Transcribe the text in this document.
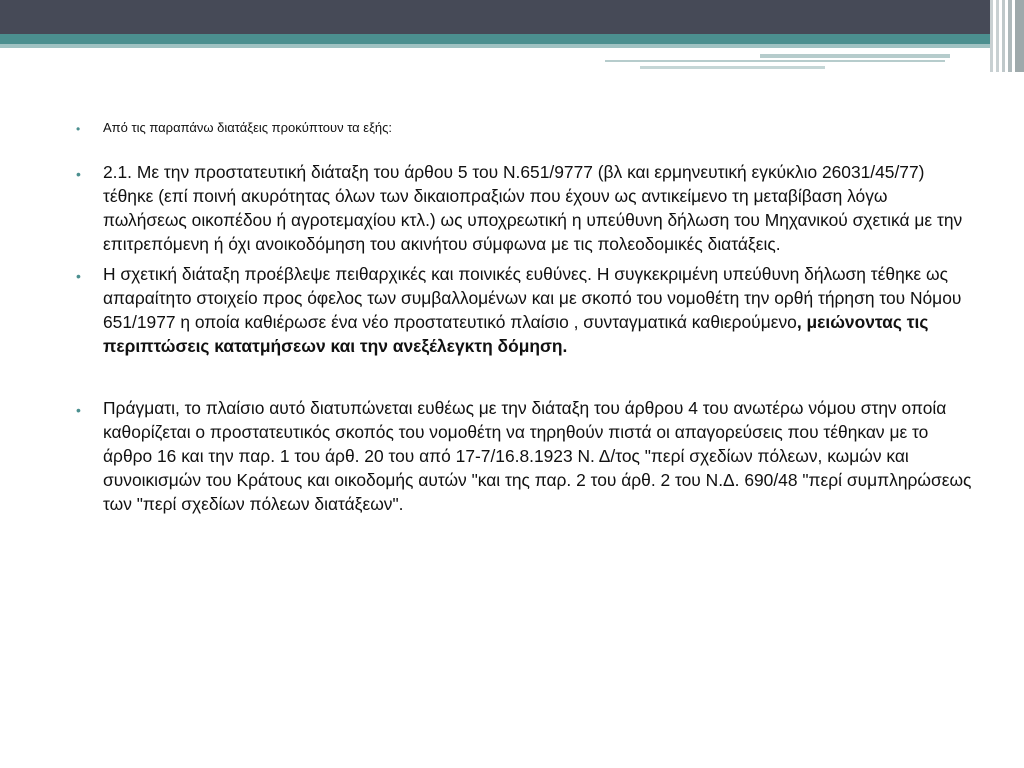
• Από τις παραπάνω διατάξεις προκύπτουν τα εξής:
• 2.1. Με την προστατευτική διάταξη του άρθου 5 του Ν.651/9777 (βλ και ερμηνευτική εγκύκλιο 26031/45/77) τέθηκε (επί ποινή ακυρότητας όλων των δικαιοπραξιών που έχουν ως αντικείμενο τη μεταβίβαση λόγω πωλήσεως οικοπέδου ή αγροτεμαχίου κτλ.) ως υποχρεωτική η υπεύθυνη δήλωση του Μηχανικού σχετικά με την επιτρεπόμενη ή όχι ανοικοδόμηση του ακινήτου σύμφωνα με τις πολεοδομικές διατάξεις.
• Η σχετική διάταξη προέβλεψε πειθαρχικές και ποινικές ευθύνες. Η συγκεκριμένη υπεύθυνη δήλωση τέθηκε ως απαραίτητο στοιχείο προς όφελος των συμβαλλομένων και με σκοπό του νομοθέτη την ορθή τήρηση του Νόμου 651/1977 η οποία καθιέρωσε ένα νέο προστατευτικό πλαίσιο , συνταγματικά καθιερούμενο, μειώνοντας τις περιπτώσεις κατατμήσεων και την ανεξέλεγκτη δόμηση.
• Πράγματι, το πλαίσιο αυτό διατυπώνεται ευθέως με την διάταξη του άρθρου 4 του ανωτέρω νόμου στην οποία καθορίζεται ο προστατευτικός σκοπός του νομοθέτη να τηρηθούν πιστά οι απαγορεύσεις που τέθηκαν με το άρθρο 16 και την παρ. 1 του άρθ. 20 του από 17-7/16.8.1923 Ν. Δ/τος "περί σχεδίων πόλεων, κωμών και συνοικισμών του Κράτους και οικοδομής αυτών "και της παρ. 2 του άρθ. 2 του Ν.Δ. 690/48 "περί συμπληρώσεως των "περί σχεδίων πόλεων διατάξεων".
